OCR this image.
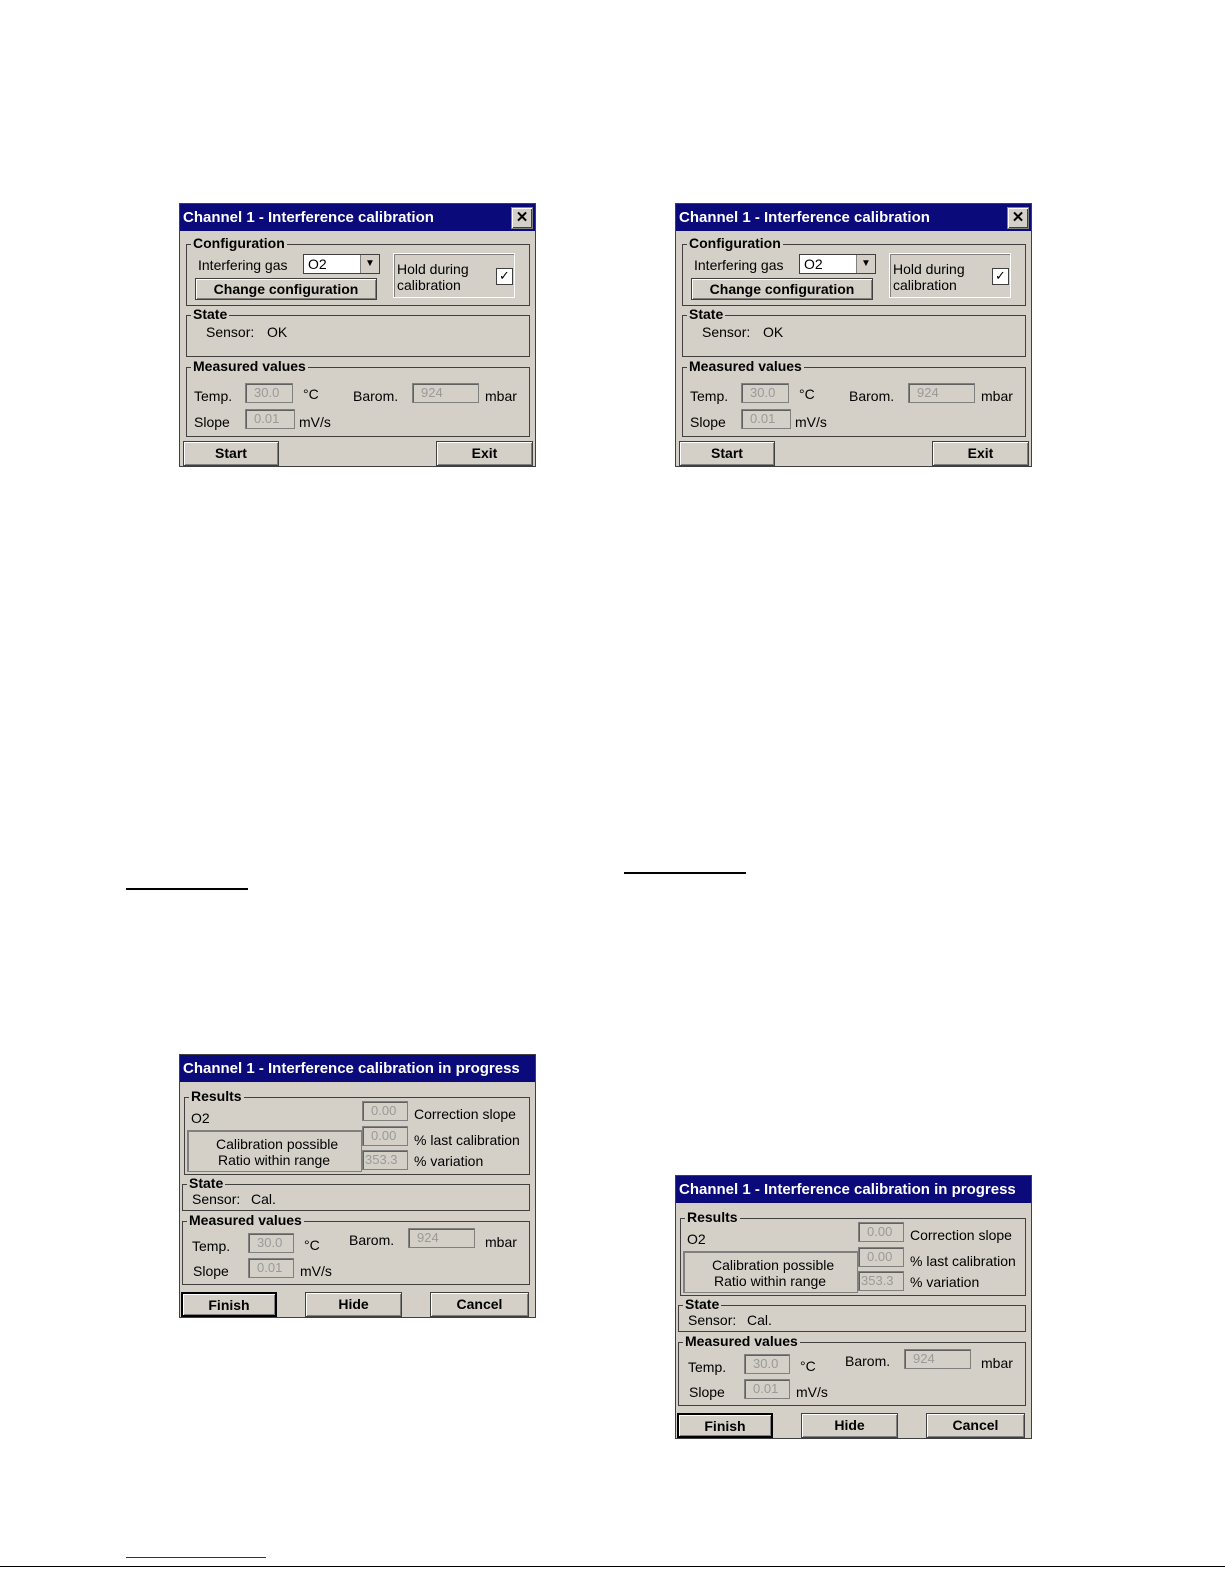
Channel 1 - Interference calibration	✕
Configuration
Interfering gas	O2	▼
Change configuration
Hold during
calibration
✓
State
Sensor: OK
Measured values
Temp.	30.0	°C Barom.	924	mbar
Slope	0.01	mV/s
Start	Exit
Channel 1 - Interference calibration	✕
Configuration
Interfering gas	O2	▼
Change configuration
Hold during
calibration
✓
State
Sensor: OK
Measured values
Temp.	30.0	°C Barom.	924	mbar
Slope	0.01	mV/s
Start	Exit
Channel 1 - Interference calibration in progress
Results
O2
Calibration possible
Ratio within range
0.00	Correction slope
0.00	% last calibration
353.3	% variation
State
Sensor: Cal.
Measured values
Temp.	30.0	°C Barom.	924	mbar
Slope	0.01	mV/s
Finish	Hide	Cancel
Channel 1 - Interference calibration in progress
Results
O2
Calibration possible
Ratio within range
0.00	Correction slope
0.00	% last calibration
353.3	% variation
State
Sensor: Cal.
Measured values
Temp.	30.0	°C Barom.	924	mbar
Slope	0.01	mV/s
Finish	Hide	Cancel
